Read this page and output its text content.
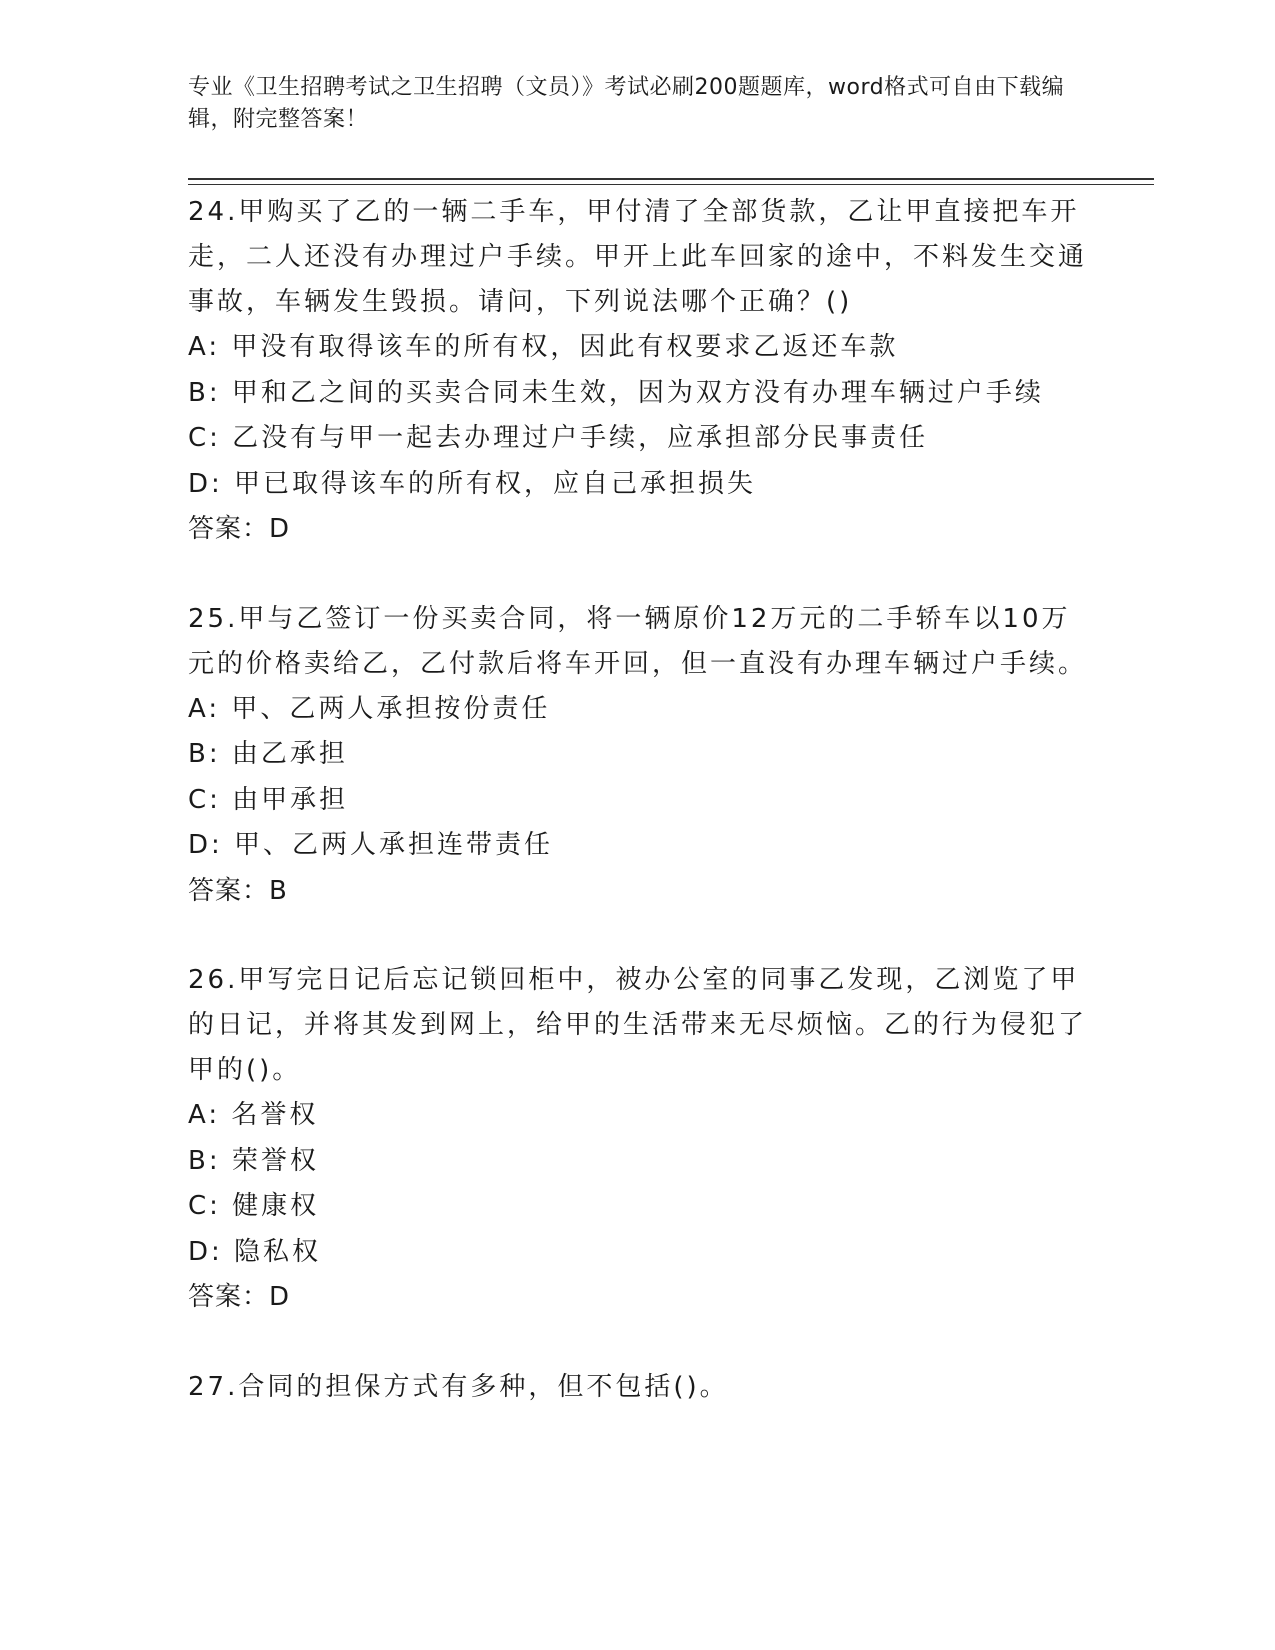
专业《卫生招聘考试之卫生招聘（文员）》考试必刷200题题库，word格式可自由下载编辑，附完整答案！

24.甲购买了乙的一辆二手车，甲付清了全部货款，乙让甲直接把车开走，二人还没有办理过户手续。甲开上此车回家的途中，不料发生交通事故，车辆发生毁损。请问，下列说法哪个正确？()

A: 甲没有取得该车的所有权，因此有权要求乙返还车款

B: 甲和乙之间的买卖合同未生效，因为双方没有办理车辆过户手续

C: 乙没有与甲一起去办理过户手续，应承担部分民事责任

D: 甲已取得该车的所有权，应自己承担损失

答案：D

25.甲与乙签订一份买卖合同，将一辆原价12万元的二手轿车以10万元的价格卖给乙，乙付款后将车开回，但一直没有办理车辆过户手续。

A: 甲、乙两人承担按份责任

B: 由乙承担

C: 由甲承担

D: 甲、乙两人承担连带责任

答案：B

26.甲写完日记后忘记锁回柜中，被办公室的同事乙发现，乙浏览了甲的日记，并将其发到网上，给甲的生活带来无尽烦恼。乙的行为侵犯了甲的()。

A: 名誉权

B: 荣誉权

C: 健康权

D: 隐私权

答案：D

27.合同的担保方式有多种，但不包括()。
